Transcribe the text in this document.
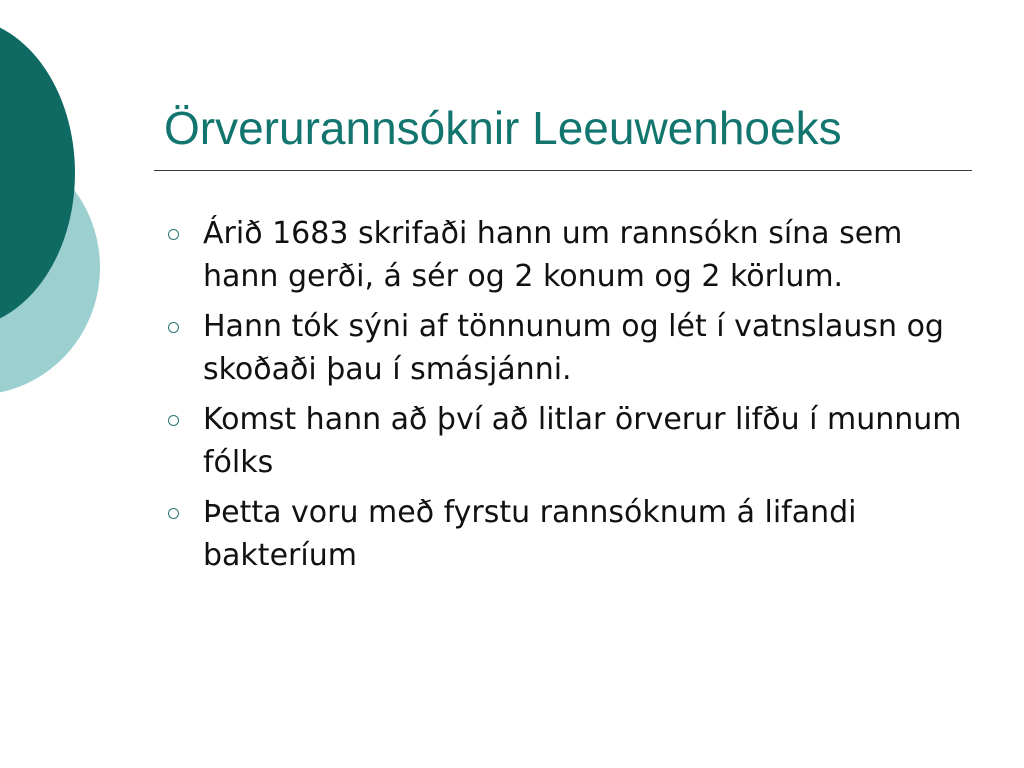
Örverurannsóknir Leeuwenhoeks
Árið 1683 skrifaði hann um rannsókn sína sem hann gerði, á sér og 2 konum og 2 körlum.
Hann tók sýni af tönnunum og lét í vatnslausn og skoðaði þau í smásjánni.
Komst hann að því að litlar örverur lifðu í munnum fólks
Þetta voru með fyrstu rannsóknum á lifandi bakteríum
